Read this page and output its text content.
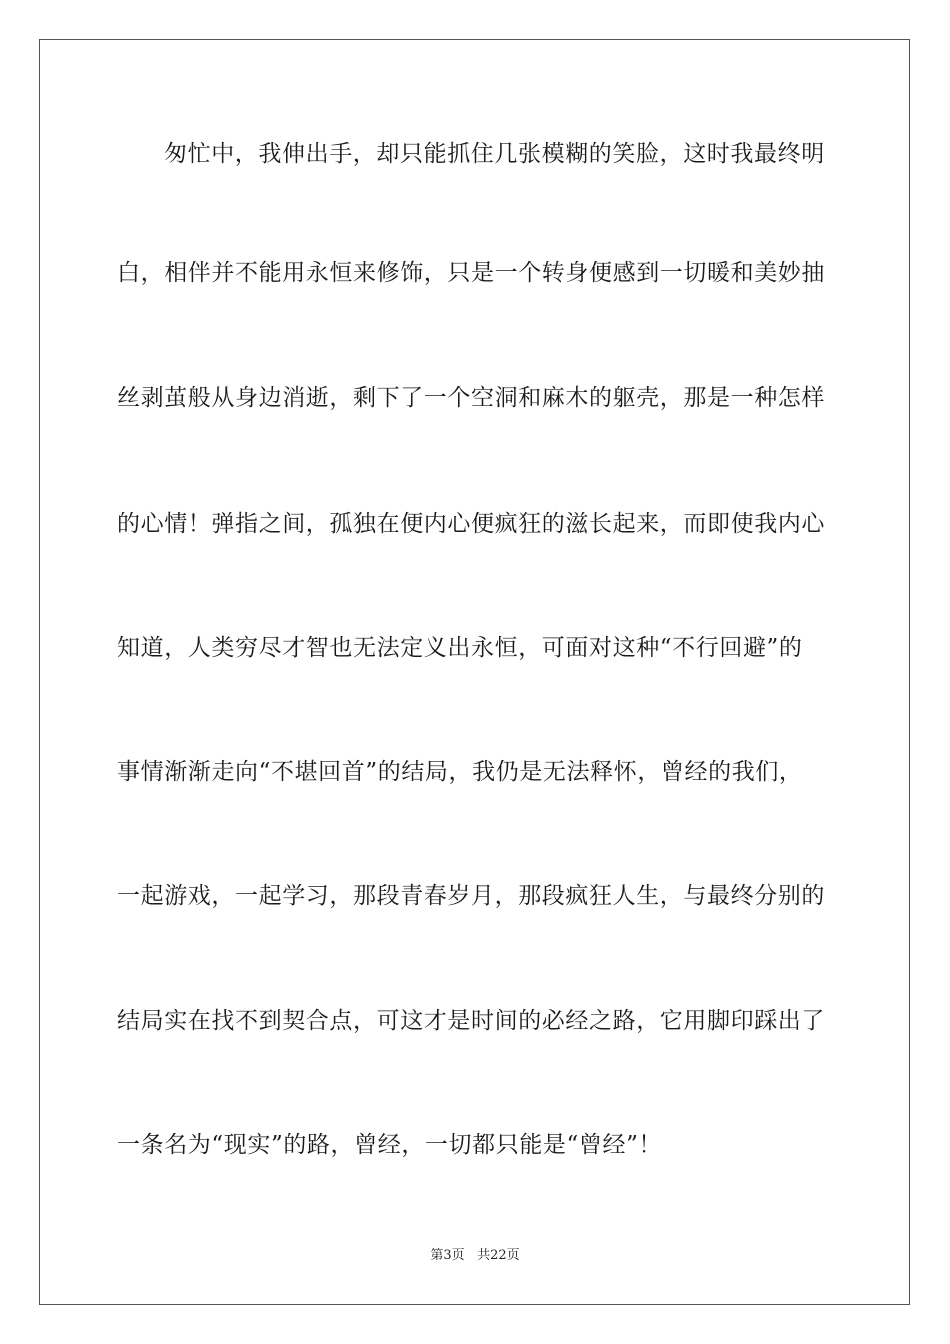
匆忙中，我伸出手，却只能抓住几张模糊的笑脸，这时我最终明
白，相伴并不能用永恒来修饰，只是一个转身便感到一切暖和美妙抽
丝剥茧般从身边消逝，剩下了一个空洞和麻木的躯壳，那是一种怎样
的心情！弹指之间，孤独在便内心便疯狂的滋长起来，而即使我内心
知道，人类穷尽才智也无法定义出永恒，可面对这种“不行回避”的
事情渐渐走向“不堪回首”的结局，我仍是无法释怀，曾经的我们，
一起游戏，一起学习，那段青春岁月，那段疯狂人生，与最终分别的
结局实在找不到契合点，可这才是时间的必经之路，它用脚印踩出了
一条名为“现实”的路，曾经，一切都只能是“曾经”！
第3页 共22页
